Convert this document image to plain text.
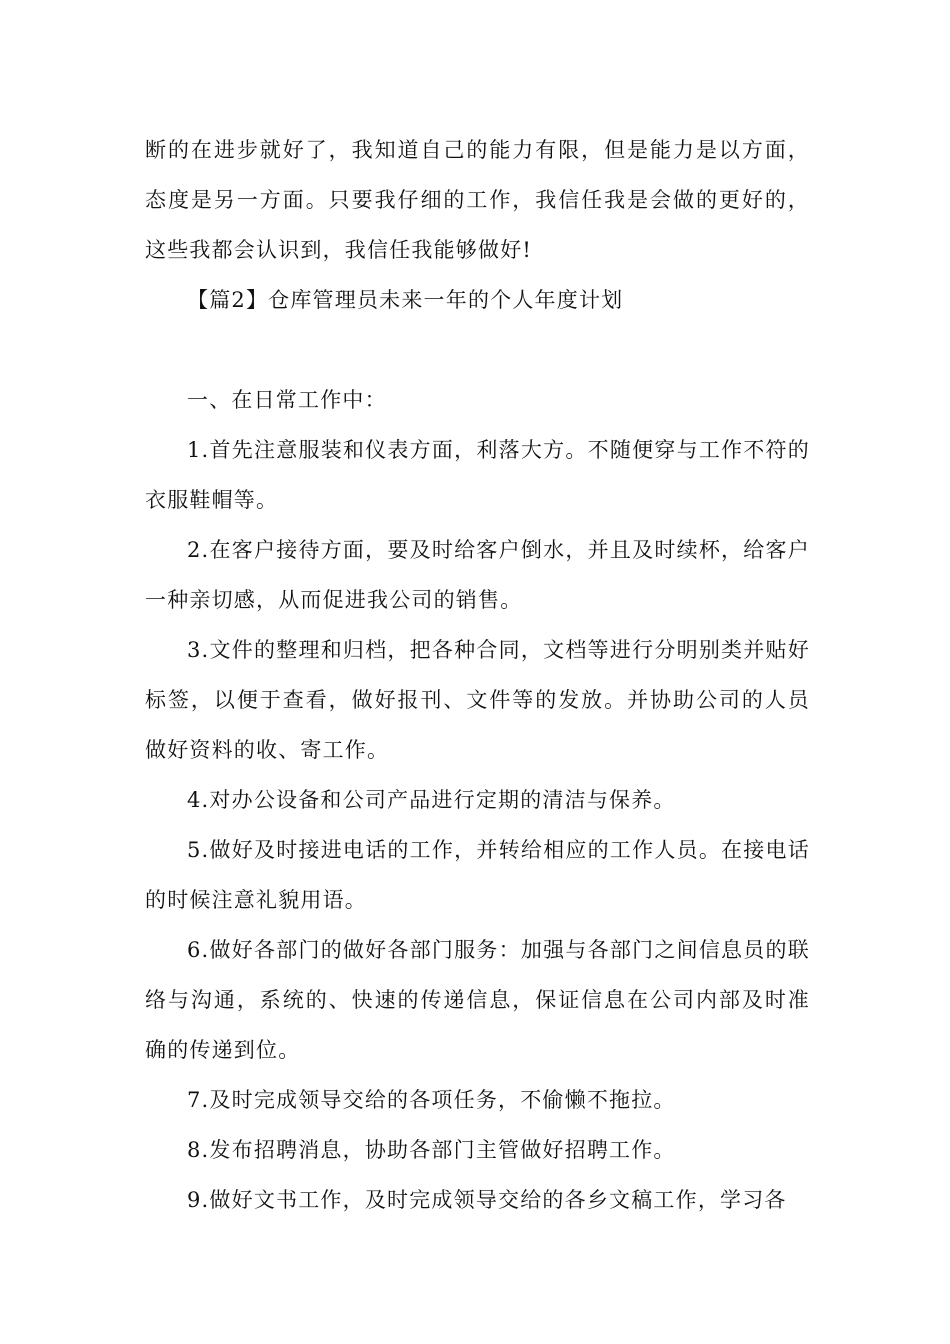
断的在进步就好了，我知道自己的能力有限，但是能力是以方面，态度是另一方面。只要我仔细的工作，我信任我是会做的更好的，这些我都会认识到，我信任我能够做好!

【篇2】仓库管理员未来一年的个人年度计划

一、在日常工作中：

1.首先注意服装和仪表方面，利落大方。不随便穿与工作不符的衣服鞋帽等。

2.在客户接待方面，要及时给客户倒水，并且及时续杯，给客户一种亲切感，从而促进我公司的销售。

3.文件的整理和归档，把各种合同，文档等进行分明别类并贴好标签，以便于查看，做好报刊、文件等的发放。并协助公司的人员做好资料的收、寄工作。

4.对办公设备和公司产品进行定期的清洁与保养。

5.做好及时接进电话的工作，并转给相应的工作人员。在接电话的时候注意礼貌用语。

6.做好各部门的做好各部门服务：加强与各部门之间信息员的联络与沟通，系统的、快速的传递信息，保证信息在公司内部及时准确的传递到位。

7.及时完成领导交给的各项任务，不偷懒不拖拉。

8.发布招聘消息，协助各部门主管做好招聘工作。

9.做好文书工作，及时完成领导交给的各乡文稿工作，学习各
